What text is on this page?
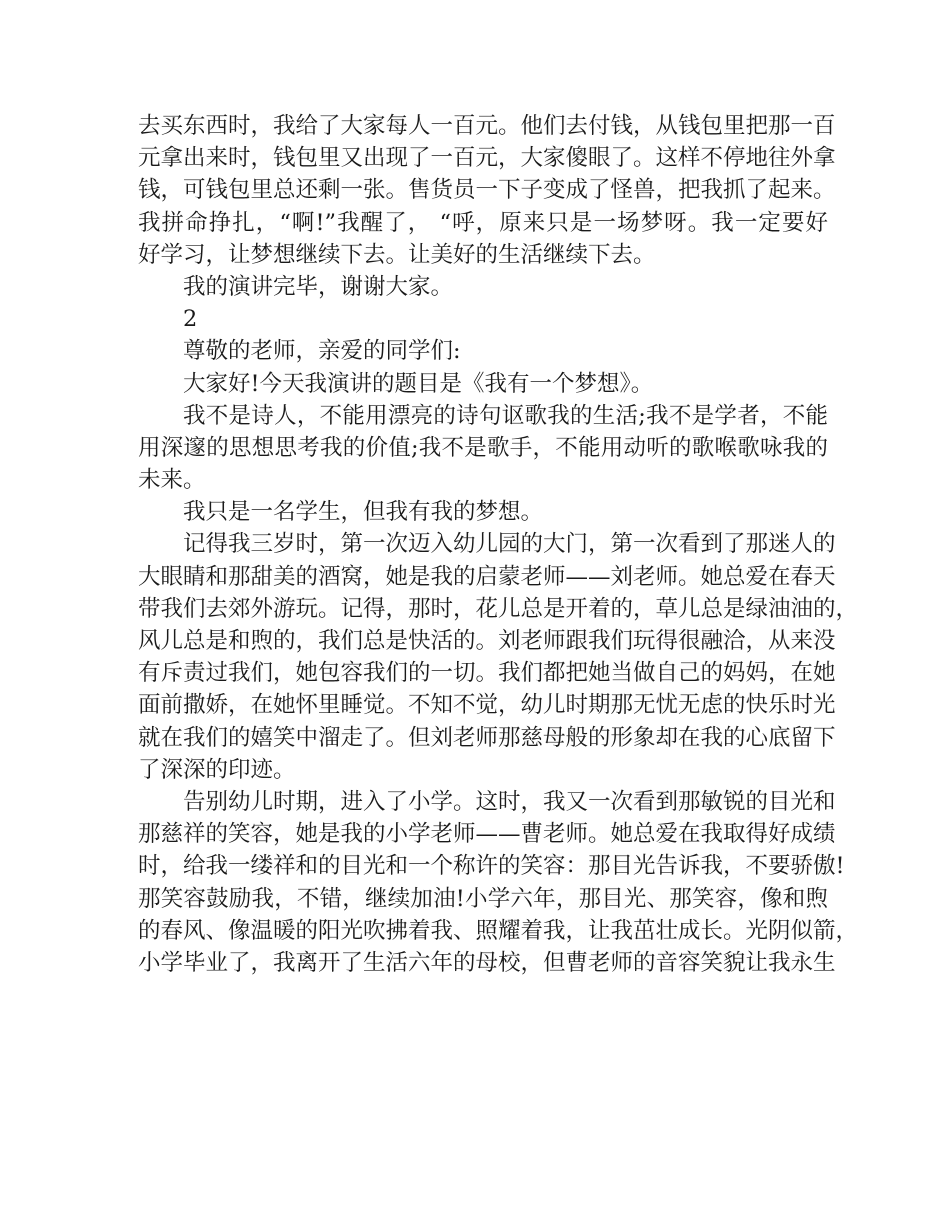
去买东西时，我给了大家每人一百元。他们去付钱，从钱包里把那一百
元拿出来时，钱包里又出现了一百元，大家傻眼了。这样不停地往外拿
钱，可钱包里总还剩一张。售货员一下子变成了怪兽，把我抓了起来。
我拼命挣扎，“啊!”我醒了， “呼，原来只是一场梦呀。我一定要好
好学习，让梦想继续下去。让美好的生活继续下去。
我的演讲完毕，谢谢大家。
2
尊敬的老师，亲爱的同学们:
大家好!今天我演讲的题目是《我有一个梦想》。
我不是诗人，不能用漂亮的诗句讴歌我的生活;我不是学者，不能
用深邃的思想思考我的价值;我不是歌手，不能用动听的歌喉歌咏我的
未来。
我只是一名学生，但我有我的梦想。
记得我三岁时，第一次迈入幼儿园的大门，第一次看到了那迷人的
大眼睛和那甜美的酒窝，她是我的启蒙老师——刘老师。她总爱在春天
带我们去郊外游玩。记得，那时，花儿总是开着的，草儿总是绿油油的，
风儿总是和煦的，我们总是快活的。刘老师跟我们玩得很融洽，从来没
有斥责过我们，她包容我们的一切。我们都把她当做自己的妈妈，在她
面前撒娇，在她怀里睡觉。不知不觉，幼儿时期那无忧无虑的快乐时光
就在我们的嬉笑中溜走了。但刘老师那慈母般的形象却在我的心底留下
了深深的印迹。
告别幼儿时期，进入了小学。这时，我又一次看到那敏锐的目光和
那慈祥的笑容，她是我的小学老师——曹老师。她总爱在我取得好成绩
时，给我一缕祥和的目光和一个称许的笑容：那目光告诉我，不要骄傲!
那笑容鼓励我，不错，继续加油!小学六年，那目光、那笑容，像和煦
的春风、像温暖的阳光吹拂着我、照耀着我，让我茁壮成长。光阴似箭，
小学毕业了，我离开了生活六年的母校，但曹老师的音容笑貌让我永生
